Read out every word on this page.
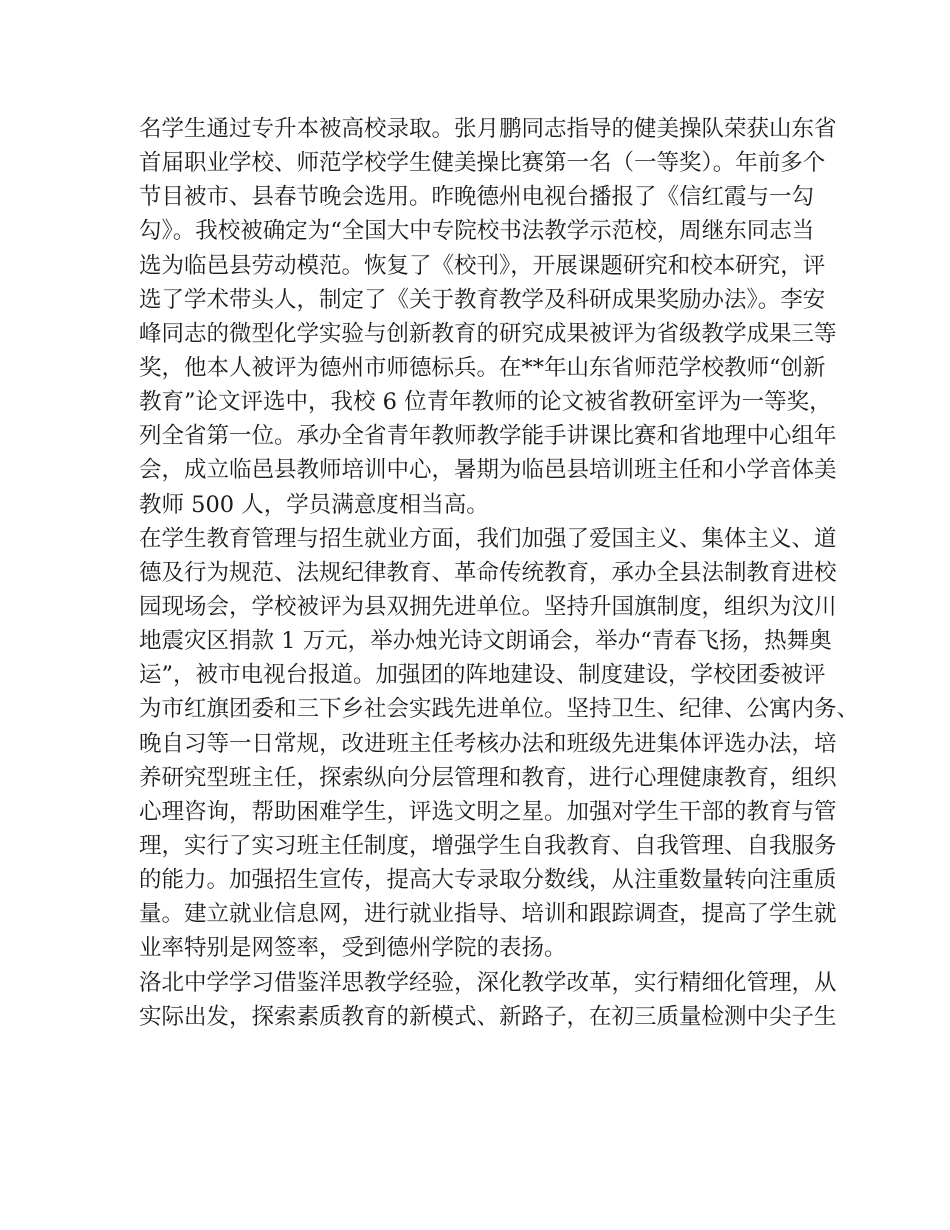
名学生通过专升本被高校录取。张月鹏同志指导的健美操队荣获山东省
首届职业学校、师范学校学生健美操比赛第一名（一等奖）。年前多个
节目被市、县春节晚会选用。昨晚德州电视台播报了《信红霞与一勾
勾》。我校被确定为“全国大中专院校书法教学示范校，周继东同志当
选为临邑县劳动模范。恢复了《校刊》，开展课题研究和校本研究，评
选了学术带头人，制定了《关于教育教学及科研成果奖励办法》。李安
峰同志的微型化学实验与创新教育的研究成果被评为省级教学成果三等
奖，他本人被评为德州市师德标兵。在**年山东省师范学校教师“创新
教育”论文评选中，我校 6 位青年教师的论文被省教研室评为一等奖，
列全省第一位。承办全省青年教师教学能手讲课比赛和省地理中心组年
会，成立临邑县教师培训中心，暑期为临邑县培训班主任和小学音体美
教师 500 人，学员满意度相当高。
在学生教育管理与招生就业方面，我们加强了爱国主义、集体主义、道
德及行为规范、法规纪律教育、革命传统教育，承办全县法制教育进校
园现场会，学校被评为县双拥先进单位。坚持升国旗制度，组织为汶川
地震灾区捐款 1 万元，举办烛光诗文朗诵会，举办“青春飞扬，热舞奥
运”，被市电视台报道。加强团的阵地建设、制度建设，学校团委被评
为市红旗团委和三下乡社会实践先进单位。坚持卫生、纪律、公寓内务、
晚自习等一日常规，改进班主任考核办法和班级先进集体评选办法，培
养研究型班主任，探索纵向分层管理和教育，进行心理健康教育，组织
心理咨询，帮助困难学生，评选文明之星。加强对学生干部的教育与管
理，实行了实习班主任制度，增强学生自我教育、自我管理、自我服务
的能力。加强招生宣传，提高大专录取分数线，从注重数量转向注重质
量。建立就业信息网，进行就业指导、培训和跟踪调查，提高了学生就
业率特别是网签率，受到德州学院的表扬。
洛北中学学习借鉴洋思教学经验，深化教学改革，实行精细化管理，从
实际出发，探索素质教育的新模式、新路子，在初三质量检测中尖子生
